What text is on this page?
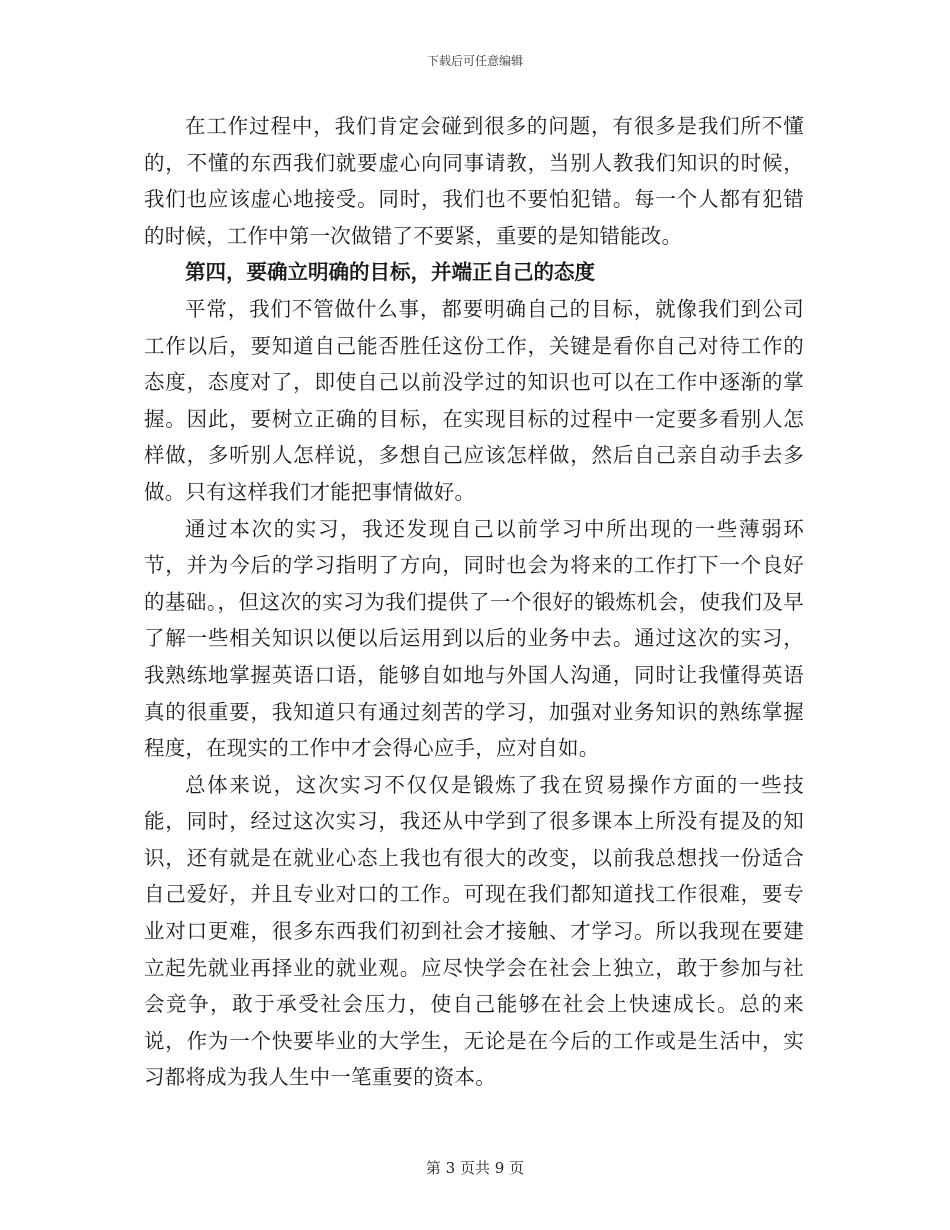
下载后可任意编辑

在工作过程中，我们肯定会碰到很多的问题，有很多是我们所不懂的，不懂的东西我们就要虚心向同事请教，当别人教我们知识的时候，我们也应该虚心地接受。同时，我们也不要怕犯错。每一个人都有犯错的时候，工作中第一次做错了不要紧，重要的是知错能改。

第四，要确立明确的目标，并端正自己的态度

平常，我们不管做什么事，都要明确自己的目标，就像我们到公司工作以后，要知道自己能否胜任这份工作，关键是看你自己对待工作的态度，态度对了，即使自己以前没学过的知识也可以在工作中逐渐的掌握。因此，要树立正确的目标，在实现目标的过程中一定要多看别人怎样做，多听别人怎样说，多想自己应该怎样做，然后自己亲自动手去多做。只有这样我们才能把事情做好。

通过本次的实习，我还发现自己以前学习中所出现的一些薄弱环节，并为今后的学习指明了方向，同时也会为将来的工作打下一个良好的基础。，但这次的实习为我们提供了一个很好的锻炼机会，使我们及早了解一些相关知识以便以后运用到以后的业务中去。通过这次的实习，我熟练地掌握英语口语，能够自如地与外国人沟通，同时让我懂得英语真的很重要，我知道只有通过刻苦的学习，加强对业务知识的熟练掌握程度，在现实的工作中才会得心应手，应对自如。

总体来说，这次实习不仅仅是锻炼了我在贸易操作方面的一些技能，同时，经过这次实习，我还从中学到了很多课本上所没有提及的知识，还有就是在就业心态上我也有很大的改变，以前我总想找一份适合自己爱好，并且专业对口的工作。可现在我们都知道找工作很难，要专业对口更难，很多东西我们初到社会才接触、才学习。所以我现在要建立起先就业再择业的就业观。应尽快学会在社会上独立，敢于参加与社会竞争，敢于承受社会压力，使自己能够在社会上快速成长。总的来说，作为一个快要毕业的大学生，无论是在今后的工作或是生活中，实习都将成为我人生中一笔重要的资本。

第 3 页共 9 页
